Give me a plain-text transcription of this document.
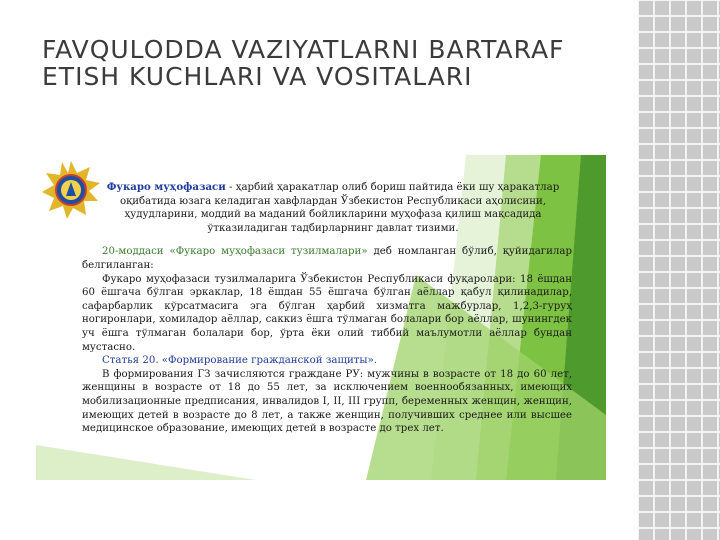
FAVQULODDA VAZIYATLARNI BARTARAF ETISH KUCHLARI VA VOSITALARI

Фукаро муҳофазаси - ҳарбий ҳаракатлар олиб бориш пайтида ёки шу ҳаракатлар оқибатида юзага келадиган хавфлардан Ўзбекистон Республикаси аҳолисини, ҳудудларини, моддий ва маданий бойликларини муҳофаза қилиш мақсадида ўтказиладиган тадбирларнинг давлат тизими.

20-моддаси «Фукаро муҳофазаси тузилмалари» деб номланган бўлиб, қуйидагилар белгиланган:

Фукаро муҳофазаси тузилмаларига Ўзбекистон Республикаси фуқаролари: 18 ёшдан 60 ёшгача бўлган эркаклар, 18 ёшдан 55 ёшгача бўлган аёллар қабул қилинадилар, сафарбарлик кўрсатмасига эга бўлган ҳарбий хизматга мажбурлар, 1,2,3-гуруҳ ногиронлари, хомиладор аёллар, саккиз ёшга тўлмаган болалари бор аёллар, шунингдек уч ёшга тўлмаган болалари бор, ўрта ёки олий тиббий маълумотли аёллар бундан мустасно.

Статья 20. «Формирование гражданской защиты».

В формирования ГЗ зачисляются граждане РУ: мужчины в возрасте от 18 до 60 лет, женщины в возрасте от 18 до 55 лет, за исключением военнообязанных, имеющих мобилизационные предписания, инвалидов I, II, III групп, беременных женщин, женщин, имеющих детей в возрасте до 8 лет, а также женщин, получивших среднее или высшее медицинское образование, имеющих детей в возрасте до трех лет.
